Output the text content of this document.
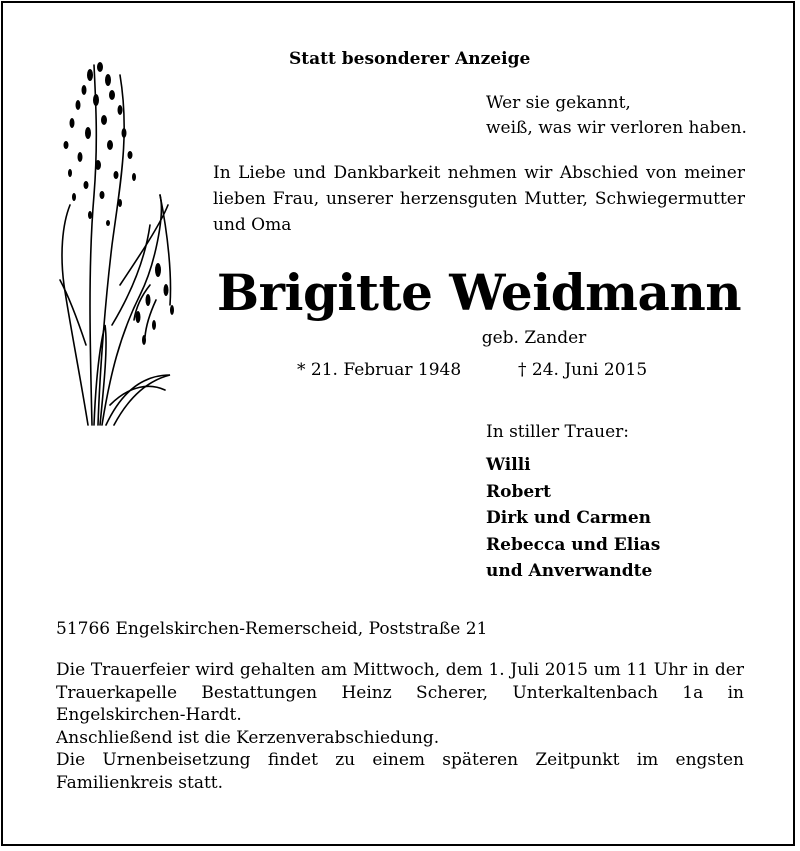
Statt besonderer Anzeige
Wer sie gekannt,
weiß, was wir verloren haben.
In Liebe und Dankbarkeit nehmen wir Abschied von meiner lieben Frau, unserer herzensguten Mutter, Schwiegermutter und Oma
Brigitte Weidmann
geb. Zander
* 21. Februar 1948	† 24. Juni 2015
In stiller Trauer:
Willi
Robert
Dirk und Carmen
Rebecca und Elias
und Anverwandte
51766 Engelskirchen-Remerscheid, Poststraße 21

Die Trauerfeier wird gehalten am Mittwoch, dem 1. Juli 2015 um 11 Uhr in der Trauerkapelle Bestattungen Heinz Scherer, Unterkaltenbach 1a in Engelskirchen-Hardt.

Anschließend ist die Kerzenverabschiedung.

Die Urnenbeisetzung findet zu einem späteren Zeitpunkt im engsten Familienkreis statt.
